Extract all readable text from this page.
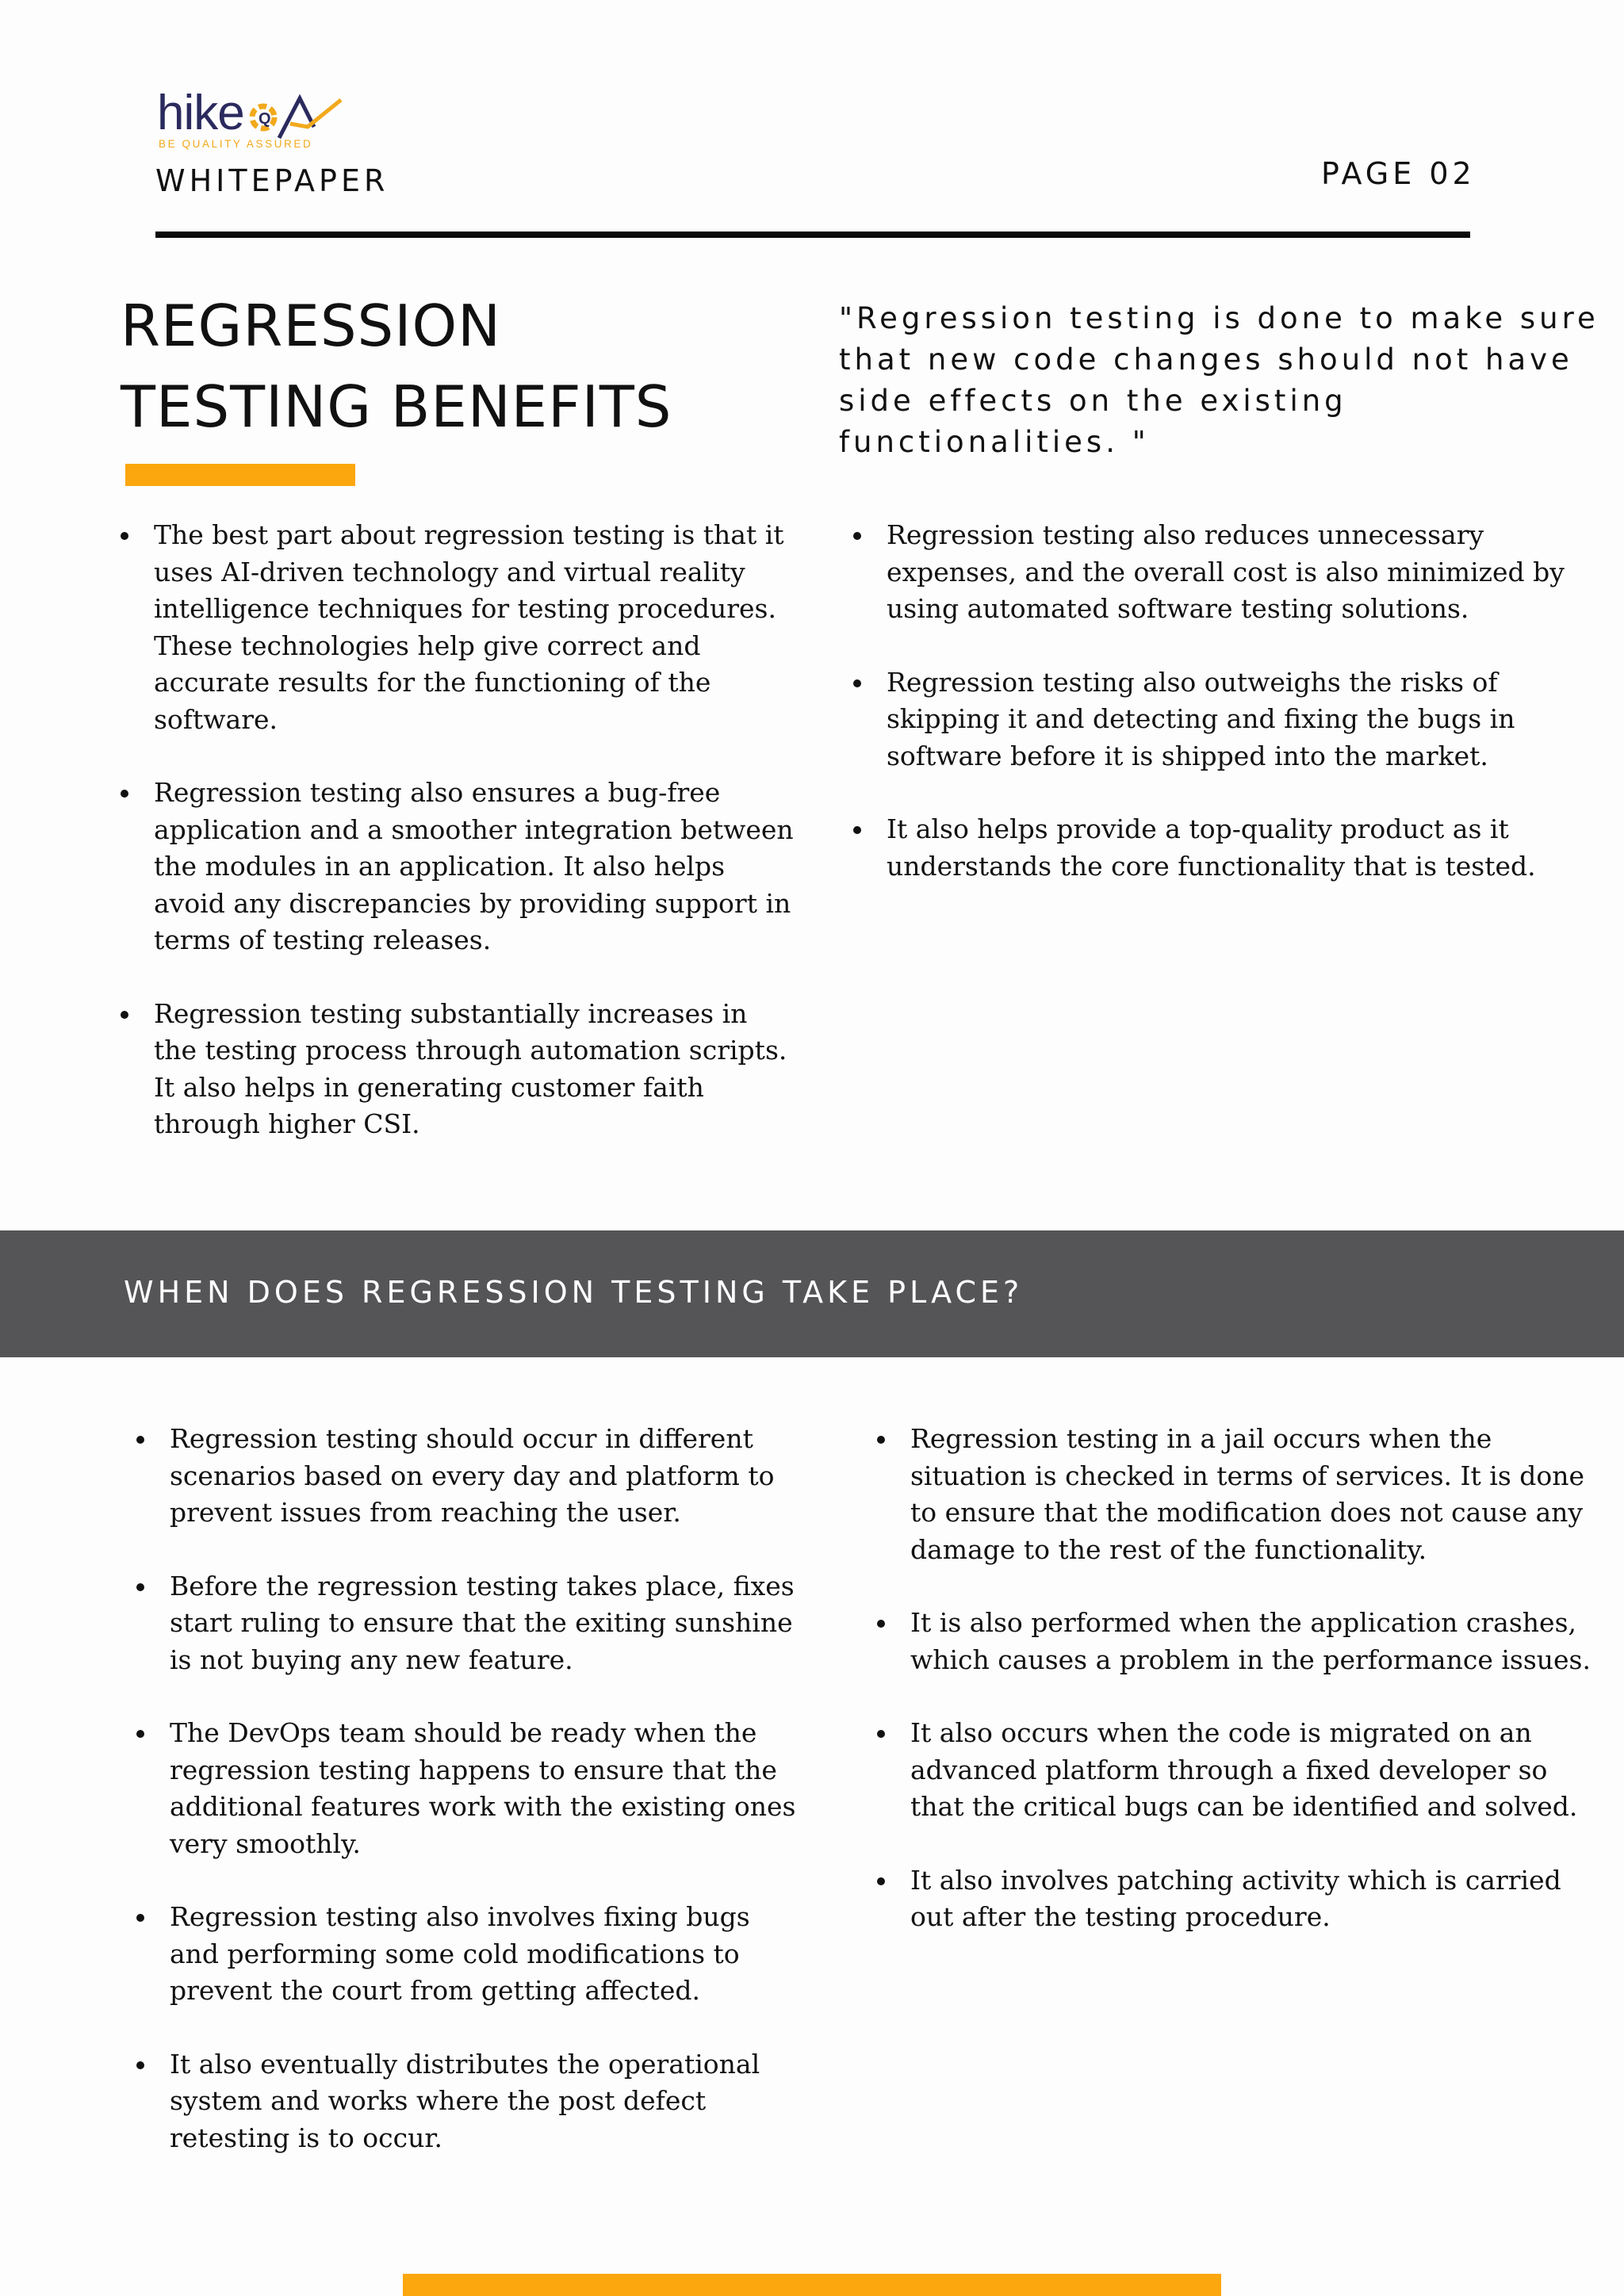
hike Q
BE QUALITY ASSURED
WHITEPAPER	PAGE 02
REGRESSION
TESTING BENEFITS
"Regression testing is done to make sure that new code changes should not have side effects on the existing functionalities. "
The best part about regression testing is that it uses AI-driven technology and virtual reality intelligence techniques for testing procedures. These technologies help give correct and accurate results for the functioning of the software.
Regression testing also ensures a bug-free application and a smoother integration between the modules in an application. It also helps avoid any discrepancies by providing support in terms of testing releases.
Regression testing substantially increases in the testing process through automation scripts. It also helps in generating customer faith through higher CSI.
Regression testing also reduces unnecessary expenses, and the overall cost is also minimized by using automated software testing solutions.
Regression testing also outweighs the risks of skipping it and detecting and fixing the bugs in software before it is shipped into the market.
It also helps provide a top-quality product as it understands the core functionality that is tested.
WHEN DOES REGRESSION TESTING TAKE PLACE?
Regression testing should occur in different scenarios based on every day and platform to prevent issues from reaching the user.
Before the regression testing takes place, fixes start ruling to ensure that the exiting sunshine is not buying any new feature.
The DevOps team should be ready when the regression testing happens to ensure that the additional features work with the existing ones very smoothly.
Regression testing also involves fixing bugs and performing some cold modifications to prevent the court from getting affected.
It also eventually distributes the operational system and works where the post defect retesting is to occur.
Regression testing in a jail occurs when the situation is checked in terms of services. It is done to ensure that the modification does not cause any damage to the rest of the functionality.
It is also performed when the application crashes, which causes a problem in the performance issues.
It also occurs when the code is migrated on an advanced platform through a fixed developer so that the critical bugs can be identified and solved.
It also involves patching activity which is carried out after the testing procedure.
